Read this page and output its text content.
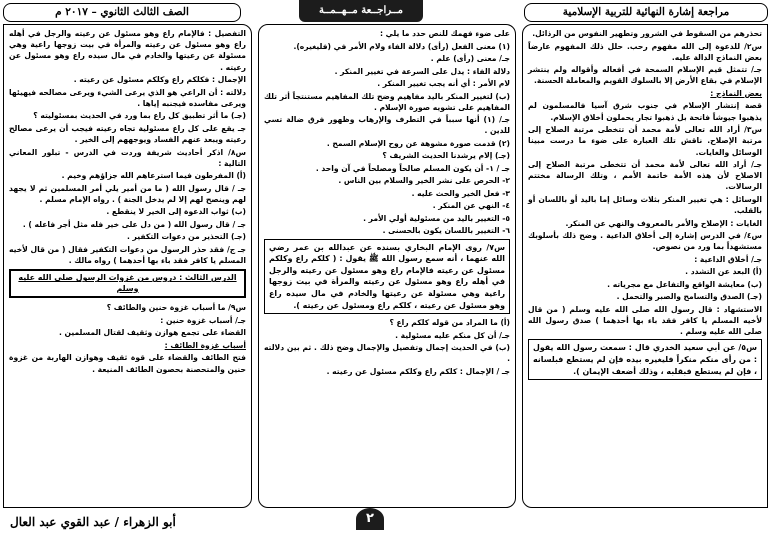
مراجعة إشارة النهائية للتربية الإسلامية
مــراجــعة مــهــمــة
الصف الثالث الثانوي – ٢٠١٧ م

تحذرهم من السقوط في الشرور وتطهير النفوس من الرذائل.

س٢/ للدعوة إلى الله مفهوم رحب. حلل ذلك المفهوم عارضاً بعض النماذج الدالة عليه.

جـ/ تتمثل قيم الإسلام السمحة في أفعاله وأقواله ولم ينتشر الإسلام في بقاع الأرض إلا بالسلوك القويم والمعاملة الحسنة.

بعض النماذج :

قصة إنتشار الإسلام في جنوب شرق آسيا فالمسلمون لم يذهبوا جيوشاً فاتحة بل ذهبوا تجار يحملون أخلاق الإسلام.

س٣/ أراد الله تعالى لأمة محمد أن تتخطى مرتبة الصلاح إلى مرتبة الإصلاح. ناقش تلك العبارة على ضوء ما درست مبينا الوسائل والغايات.

جـ/ أراد الله تعالى لأمة محمد أن تتخطى مرتبة الصلاح إلى الاصلاح لأن هذه الأمة خاتمة الأمم ، وتلك الرسالة مختتم الرسالات.

الوسائل : هي تغيير المنكر بثلاث وسائل إما باليد أو باللسان أو بالقلب.

الغايات : الإصلاح والأمر بالمعروف والنهي عن المنكر.

س٤/ في الدرس إشارة إلى أخلاق الداعية . وضح ذلك بأسلوبك مستشهداً بما ورد من نصوص.

جـ/ أخلاق الداعية :

(أ) البعد عن التشدد .

(ب) معايشة الواقع والتفاعل مع مجرياته .

(جـ) الصدق والتسامح والصبر والتحمل .

الاستشهاد : قال رسول الله صلى الله عليه وسلم ( من قال لأخيه المسلم يا كافر فقد باء بها أحدهما ) صدق رسول الله صلى الله عليه وسلم .

س٥/ عن أبي سعيد الخدري قال : سمعت رسول الله يقول : من رأى منكم منكراً فليغيره بيده فإن لم يستطع فبلسانه ، فإن لم يستطع فبقلبه ، وذلك أضعف الإيمان ).

على ضوء فهمك للنص حدد ما يلي :

(١) معنى الفعل (رأى) دلالة الفاء ولام الأمر في (فليغيره).

جـ/ معنى (رأى) علم .

دلالة الفاء : يدل على السرعة في تغيير المنكر .

لام الأمر : أي أنه يجب تغيير المنكر .

(ب) لتغيير المنكر باليد مفاهيم وضح تلك المفاهيم مستنتجاً أثر تلك المفاهيم على تشويه صورة الإسلام .

جـ/ (١) أنها سبباً في التطرف والإرهاب وظهور فرق ضالة تسي للدين .

(٢) قدمت صورة مشوهة عن روح الإسلام السمح .

(جـ) إلام يرشدنا الحديث الشريف ؟

جـ / ١- أن يكون المسلم صالحاً ومصلحاً في آن واحد .

٢- الحرص على نشر الخير والسلام بين الناس .

٣- فعل الخير والحث عليه .

٤- النهي عن المنكر .

٥- التغيير باليد من مسئولية أولي الأمر .

٦- التغيير باللسان يكون بالحسنى .

س٧/ روى الإمام البخاري بسنده عن عبدالله بن عمر رضي الله عنهما ، أنه سمع رسول الله ﷺ يقول : ( كلكم راع وكلكم مسئول عن رعيته فالإمام راع وهو مسئول عن رعيته والرجل في أهله راع وهو مسئول عن رعيته والمرأة في بيت زوجها راعية وهي مسئولة عن رعيتها والخادم في مال سيده راع وهو مسئول عن رعيته ، كلكم راع ومسئول عن رعيته ).

(أ) ما المراد من قوله كلكم راع ؟

جـ/ أن كل منكم عليه مسئولية .

(ب) في الحديث إجمال وتفصيل والإجمال وضح ذلك . ثم بين دلالته .

جـ / الإجمال : كلكم راع وكلكم مسئول عن رعيته .

التفصيل : فالإمام راع وهو مسئول عن رعيته والرجل في أهله راع وهو مسئول عن رعيته والمرأة في بيت زوجها راعية وهي مسئولة عن رعيتها والخادم في مال سيده راع وهو مسئول عن رعيته .

الإجمال : فكلكم راع وكلكم مسئول عن رعيته .

دلالته : أن الراعي هو الذي يرعى الشيء ويرعى مصالحه فيهيئها ويرعى مفاسده فيجنبه إياها .

(جـ) ما أثر تطبيق كل راع بما ورد في الحديث بمسئوليته ؟

جـ يقع على كل راع مسئولية تجاه رعيته فيجب أن يرعى مصالح رعيته ويبعد عنهم الفساد ويوجههم إلى الخير .

س٨/ اذكر أحاديث شريفة وردت في الدرس - تبلور المعاني التالية :

(أ) المفرطون فيما استرعاهم الله جزاؤهم وخيم .

جـ / قال رسول الله ( ما من أمير يلي أمر المسلمين ثم لا يجهد لهم وينصح لهم إلا لم يدخل الجنة ) . رواه الإمام مسلم .

(ب) ثواب الدعوة إلى الخير لا ينقطع .

جـ / قال رسول الله ( من دل على خير فله مثل أجر فاعله ) .

(جـ) التحذير من دعوات التكفير .

جـ ج/ فقد حذر الرسول من دعوات التكفير فقال ( من قال لأخيه المسلم يا كافر فقد باء بها أحدهما ) رواه مالك .

الدرس الثالث : دروس من غزوات الرسول صلى الله عليه وسلم

س٩/ ما أسباب غزوة حنين والطائف ؟

جـ/ أسباب غزوة حنين :

القضاء على تجمع هوازن وثقيف لقتال المسلمين .

أسباب غزوة الطائف :

فتح الطائف والقضاء على قوة ثقيف وهوازن الهاربة من غزوة حنين والمتحصنة بحصون الطائف المنيعة .

٢
أبو الزهراء / عبد القوي عبد العال
